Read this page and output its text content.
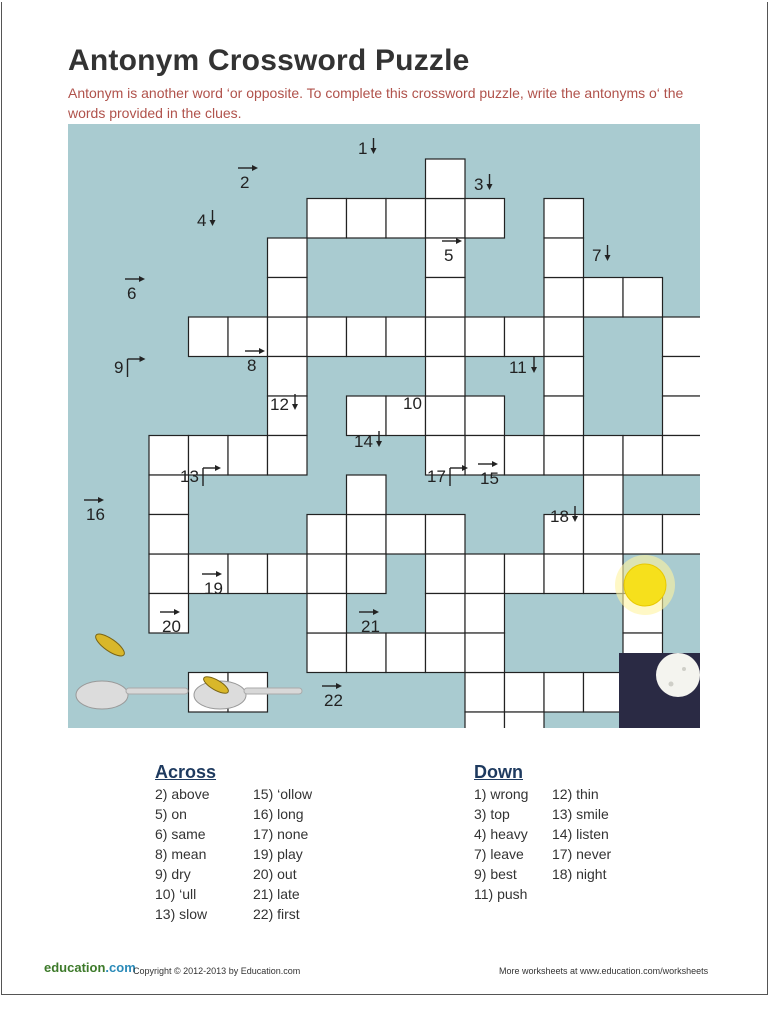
Antonym Crossword Puzzle
Antonym is another word ‘or opposite. To complete this crossword puzzle, write the antonyms o‘ the words provided in the clues.
1
2	3
4
5
6
7
8
9
10
11
12
13
14
15
16
17
18
19
20	21
22
Across
2) above
5) on
6) same
8) mean
9) dry
10) ‘ull
13) slow
15) ‘ollow
16) long
17) none
19) play
20) out
21) late
22) first
Down
1) wrong
3) top
4) heavy
7) leave
9) best
11) push
12) thin
13) smile
14) listen
17) never
18) night
education.com
Copyright © 2012-2013 by Education.com	More worksheets at www.education.com/worksheets
